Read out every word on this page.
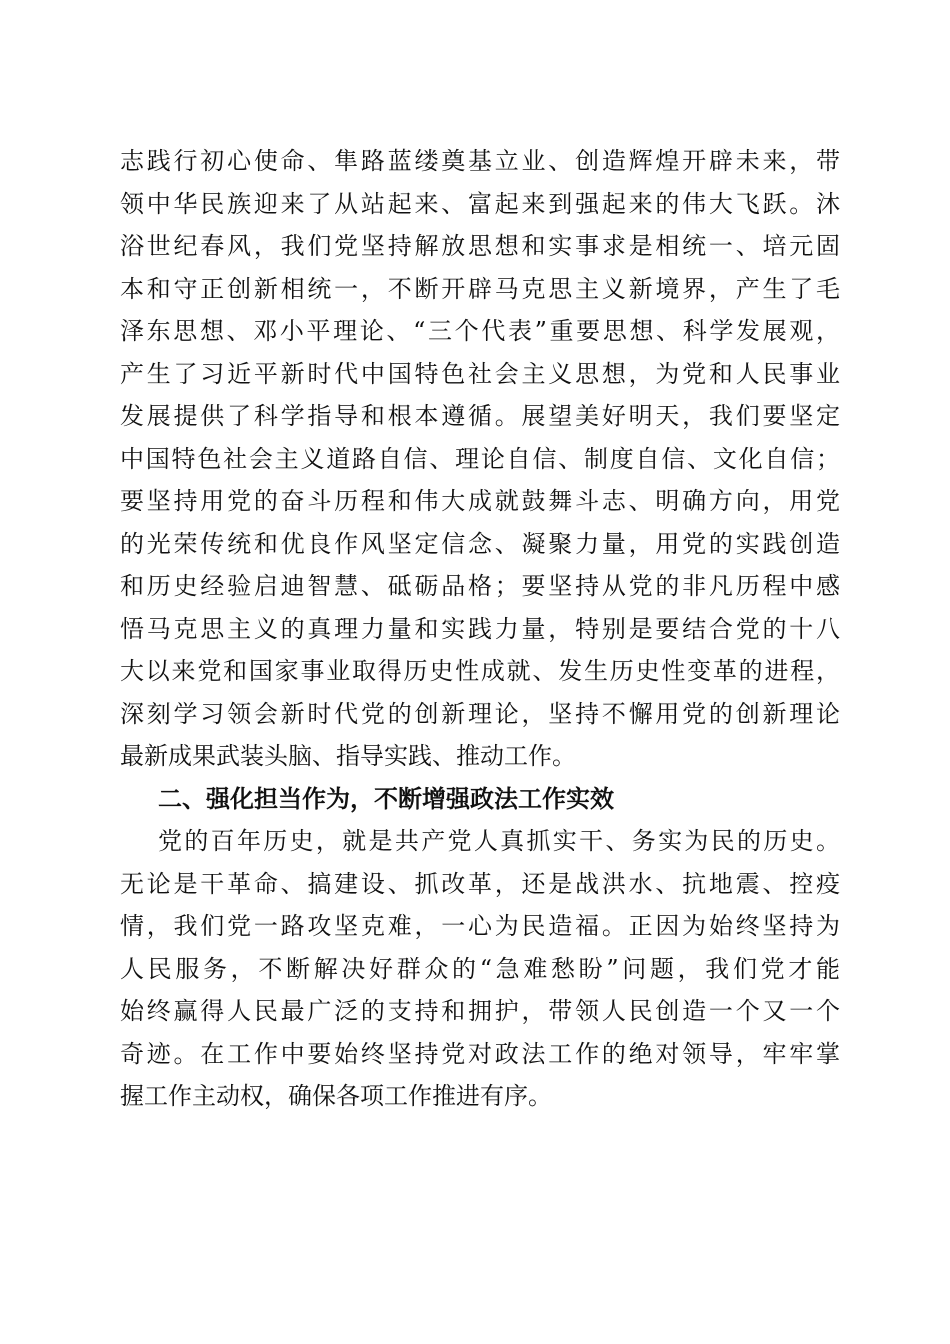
志践行初心使命、隼路蓝缕奠基立业、创造辉煌开辟未来，带
领中华民族迎来了从站起来、富起来到强起来的伟大飞跃。沐
浴世纪春风，我们党坚持解放思想和实事求是相统一、培元固
本和守正创新相统一，不断开辟马克思主义新境界，产生了毛
泽东思想、邓小平理论、“三个代表”重要思想、科学发展观，
产生了习近平新时代中国特色社会主义思想，为党和人民事业
发展提供了科学指导和根本遵循。展望美好明天，我们要坚定
中国特色社会主义道路自信、理论自信、制度自信、文化自信；
要坚持用党的奋斗历程和伟大成就鼓舞斗志、明确方向，用党
的光荣传统和优良作风坚定信念、凝聚力量，用党的实践创造
和历史经验启迪智慧、砥砺品格；要坚持从党的非凡历程中感
悟马克思主义的真理力量和实践力量，特别是要结合党的十八
大以来党和国家事业取得历史性成就、发生历史性变革的进程，
深刻学习领会新时代党的创新理论，坚持不懈用党的创新理论
最新成果武装头脑、指导实践、推动工作。
二、强化担当作为，不断增强政法工作实效
党的百年历史，就是共产党人真抓实干、务实为民的历史。
无论是干革命、搞建设、抓改革，还是战洪水、抗地震、控疫
情，我们党一路攻坚克难，一心为民造福。正因为始终坚持为
人民服务，不断解决好群众的“急难愁盼”问题，我们党才能
始终赢得人民最广泛的支持和拥护，带领人民创造一个又一个
奇迹。在工作中要始终坚持党对政法工作的绝对领导，牢牢掌
握工作主动权，确保各项工作推进有序。
